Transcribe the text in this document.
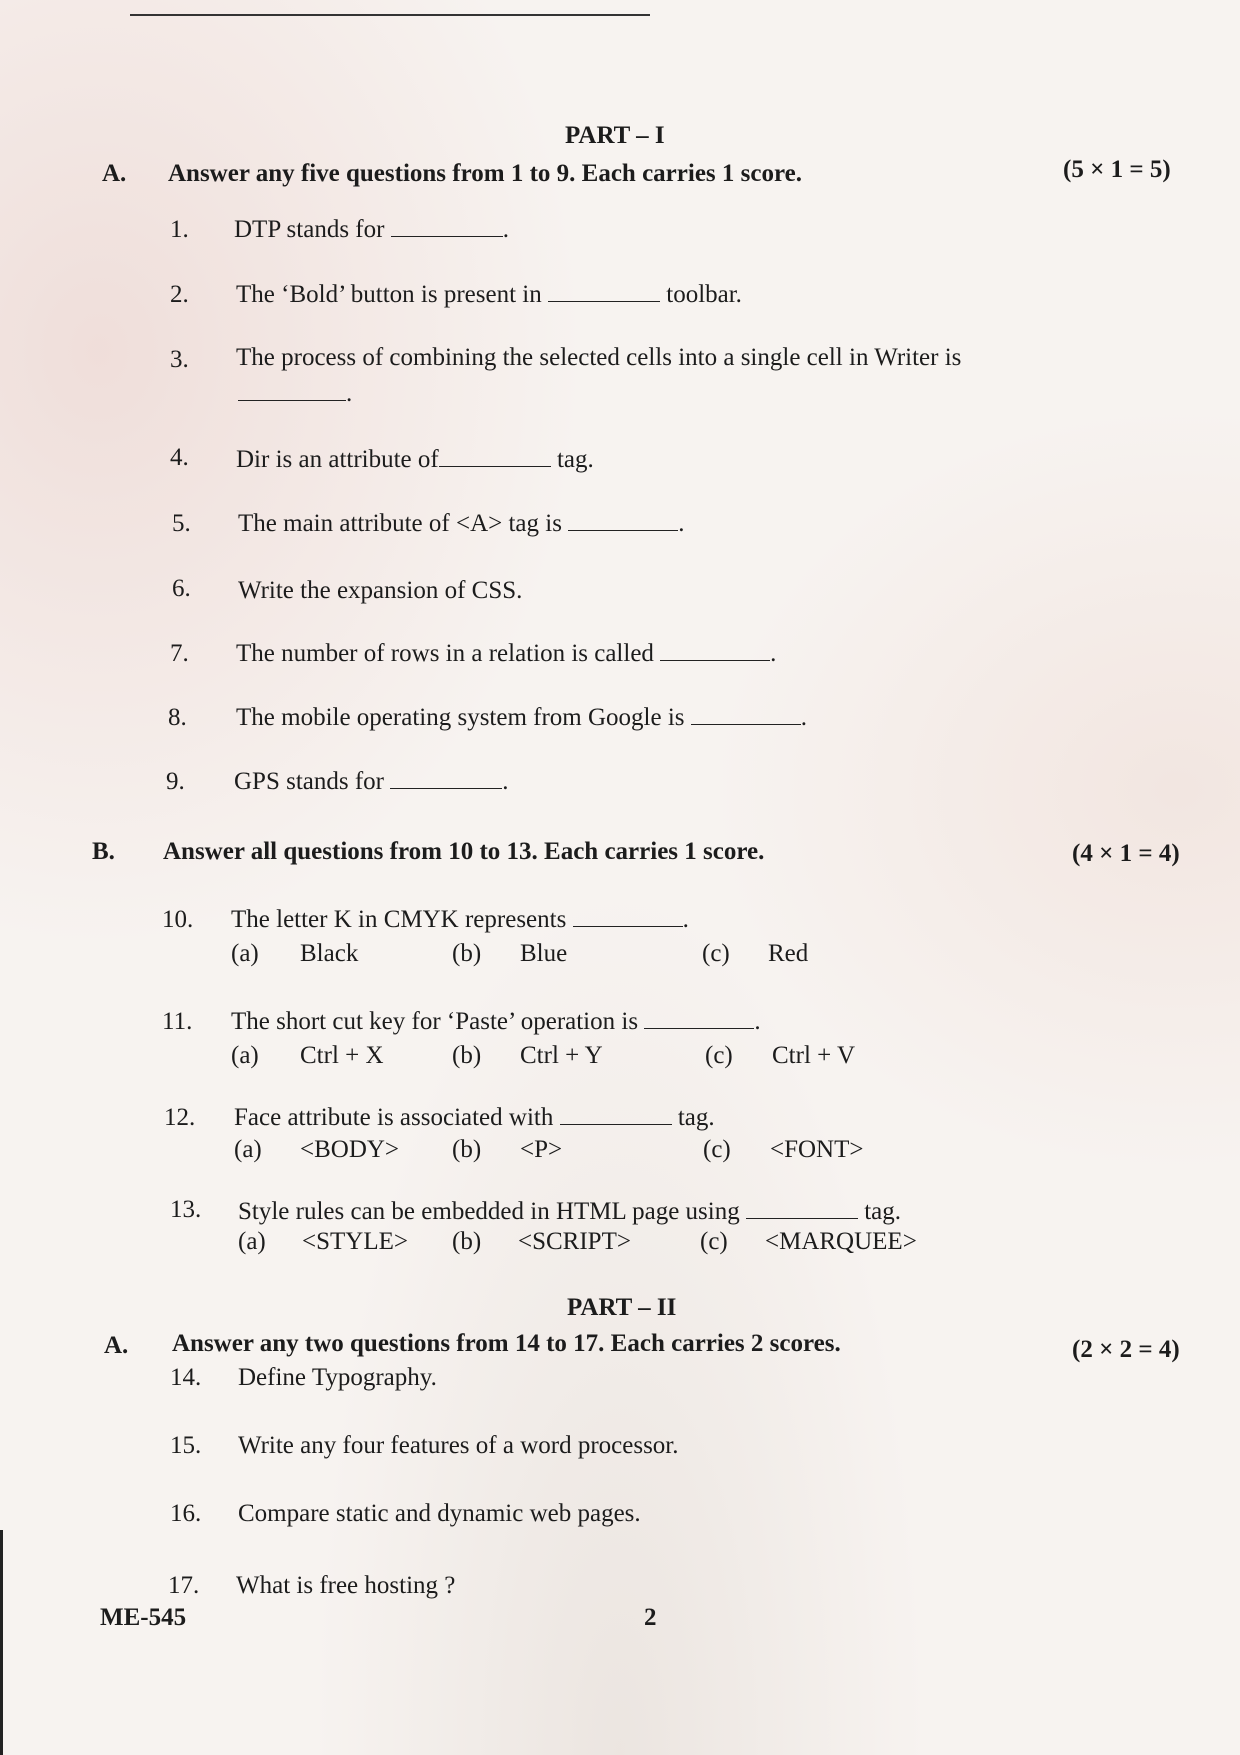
PART – I
A. Answer any five questions from 1 to 9. Each carries 1 score.	(5 × 1 = 5)
1. DTP stands for	.
2. The ‘Bold’ button is present in	toolbar.
3. The process of combining the selected cells into a single cell in Writer is
.
4. Dir is an attribute of	tag.
5. The main attribute of <A> tag is	.
6. Write the expansion of CSS.
7. The number of rows in a relation is called	.
8. The mobile operating system from Google is	.
9. GPS stands for	.
B. Answer all questions from 10 to 13. Each carries 1 score.	(4 × 1 = 4)
10. The letter K in CMYK represents	.
(a) Black	(b) Blue	(c) Red
11. The short cut key for ‘Paste’ operation is	.
(a) Ctrl + X	(b) Ctrl + Y	(c) Ctrl + V
12. Face attribute is associated with	tag.
(a) <BODY> (b) <P>	(c) <FONT>
13. Style rules can be embedded in HTML page using	tag.
(a) <STYLE> (b) <SCRIPT>	(c) <MARQUEE>
PART – II
A. Answer any two questions from 14 to 17. Each carries 2 scores.	(2 × 2 = 4)
14. Define Typography.
15. Write any four features of a word processor.
16. Compare static and dynamic web pages.
17. What is free hosting ?
ME-545	2
